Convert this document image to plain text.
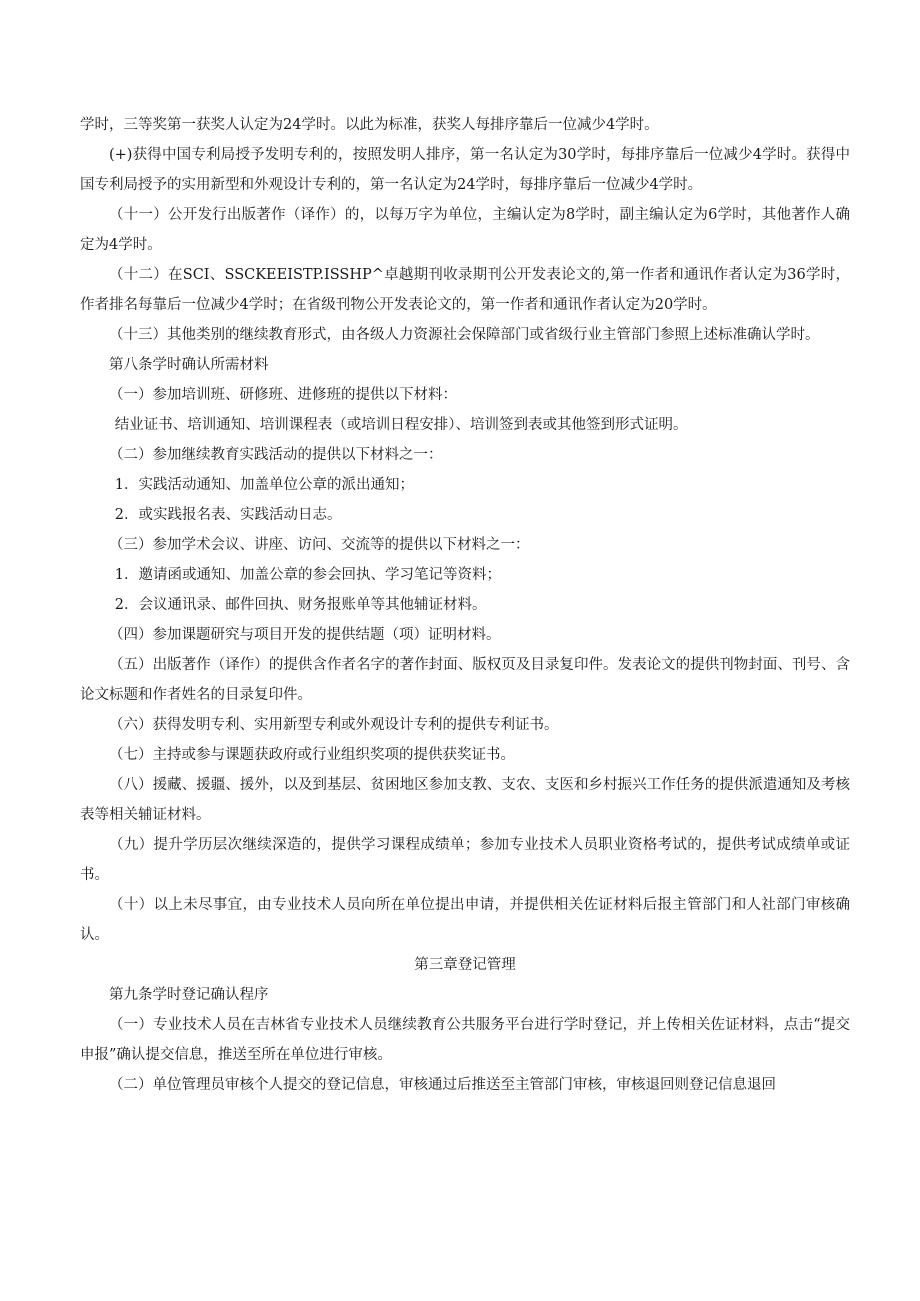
学时，三等奖第一获奖人认定为24学时。以此为标准，获奖人每排序靠后一位减少4学时。

(+)获得中国专利局授予发明专利的，按照发明人排序，第一名认定为30学时，每排序靠后一位减少4学时。获得中国专利局授予的实用新型和外观设计专利的，第一名认定为24学时，每排序靠后一位减少4学时。

（十一）公开发行出版著作（译作）的，以每万字为单位，主编认定为8学时，副主编认定为6学时，其他著作人确定为4学时。

（十二）在SCI、SSCKEEISTP.ISSHP^卓越期刊收录期刊公开发表论文的,第一作者和通讯作者认定为36学时，作者排名每靠后一位减少4学时；在省级刊物公开发表论文的，第一作者和通讯作者认定为20学时。

（十三）其他类别的继续教育形式，由各级人力资源社会保障部门或省级行业主管部门参照上述标准确认学时。

第八条学时确认所需材料

（一）参加培训班、研修班、进修班的提供以下材料：

结业证书、培训通知、培训课程表（或培训日程安排）、培训签到表或其他签到形式证明。

（二）参加继续教育实践活动的提供以下材料之一：

1．实践活动通知、加盖单位公章的派出通知；

2．或实践报名表、实践活动日志。

（三）参加学术会议、讲座、访问、交流等的提供以下材料之一：

1．邀请函或通知、加盖公章的参会回执、学习笔记等资料；

2．会议通讯录、邮件回执、财务报账单等其他辅证材料。

（四）参加课题研究与项目开发的提供结题（项）证明材料。

（五）出版著作（译作）的提供含作者名字的著作封面、版权页及目录复印件。发表论文的提供刊物封面、刊号、含论文标题和作者姓名的目录复印件。

（六）获得发明专利、实用新型专利或外观设计专利的提供专利证书。

（七）主持或参与课题获政府或行业组织奖项的提供获奖证书。

（八）援藏、援疆、援外，以及到基层、贫困地区参加支教、支农、支医和乡村振兴工作任务的提供派遣通知及考核表等相关辅证材料。

（九）提升学历层次继续深造的，提供学习课程成绩单；参加专业技术人员职业资格考试的，提供考试成绩单或证书。

（十）以上未尽事宜，由专业技术人员向所在单位提出申请，并提供相关佐证材料后报主管部门和人社部门审核确认。

第三章登记管理

第九条学时登记确认程序

（一）专业技术人员在吉林省专业技术人员继续教育公共服务平台进行学时登记，并上传相关佐证材料，点击“提交申报”确认提交信息，推送至所在单位进行审核。

（二）单位管理员审核个人提交的登记信息，审核通过后推送至主管部门审核，审核退回则登记信息退回
